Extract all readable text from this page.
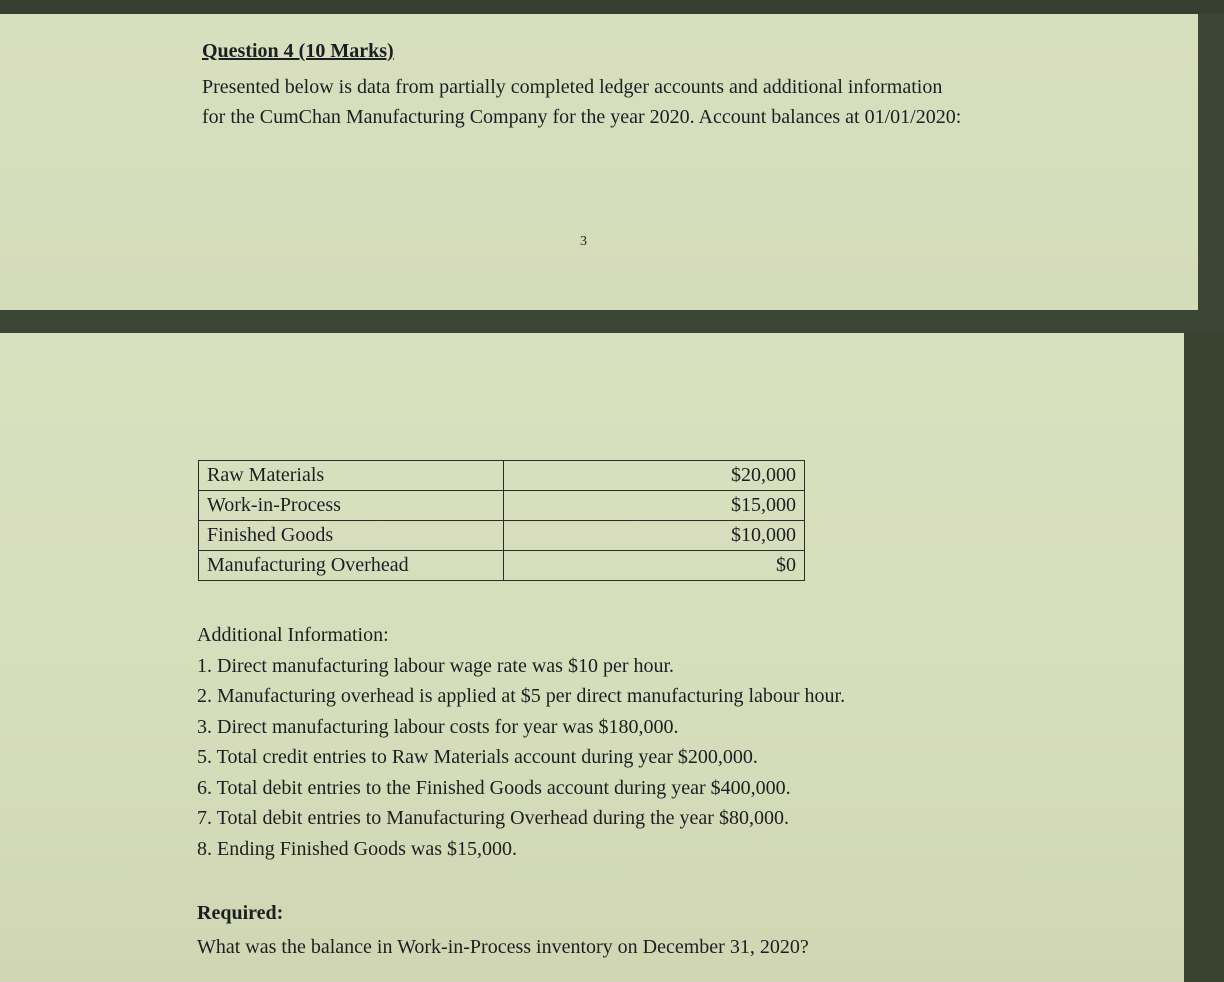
Question 4 (10 Marks)

Presented below is data from partially completed ledger accounts and additional information for the CumChan Manufacturing Company for the year 2020. Account balances at 01/01/2020:

3
Raw Materials	$20,000
Work-in-Process	$15,000
Finished Goods	$10,000
Manufacturing Overhead	$0
Additional Information:
1. Direct manufacturing labour wage rate was $10 per hour.
2. Manufacturing overhead is applied at $5 per direct manufacturing labour hour.
3. Direct manufacturing labour costs for year was $180,000.
5. Total credit entries to Raw Materials account during year $200,000.
6. Total debit entries to the Finished Goods account during year $400,000.
7. Total debit entries to Manufacturing Overhead during the year $80,000.
8. Ending Finished Goods was $15,000.
Required:
What was the balance in Work-in-Process inventory on December 31, 2020?
